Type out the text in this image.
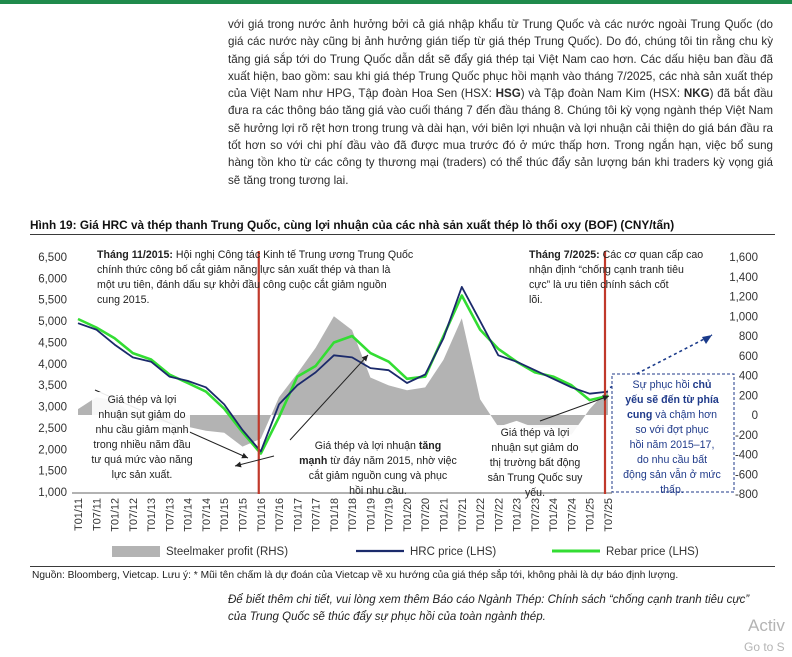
với giá trong nước ảnh hưởng bởi cả giá nhập khẩu từ Trung Quốc và các nước ngoài Trung Quốc (do giá các nước này cũng bị ảnh hưởng gián tiếp từ giá thép Trung Quốc). Do đó, chúng tôi tin rằng chu kỳ tăng giá sắp tới do Trung Quốc dẫn dắt sẽ đẩy giá thép tại Việt Nam cao hơn. Các dấu hiệu ban đầu đã xuất hiện, bao gồm: sau khi giá thép Trung Quốc phục hồi mạnh vào tháng 7/2025, các nhà sản xuất thép của Việt Nam như HPG, Tập đoàn Hoa Sen (HSX: HSG) và Tập đoàn Nam Kim (HSX: NKG) đã bắt đầu đưa ra các thông báo tăng giá vào cuối tháng 7 đến đầu tháng 8. Chúng tôi kỳ vọng ngành thép Việt Nam sẽ hưởng lợi rõ rệt hơn trong trung và dài hạn, với biên lợi nhuận và lợi nhuận cải thiện do giá bán đầu ra tốt hơn so với chi phí đầu vào đã được mua trước đó ở mức thấp hơn. Trong ngắn hạn, việc bổ sung hàng tồn kho từ các công ty thương mại (traders) có thể thúc đẩy sản lượng bán khi traders kỳ vọng giá sẽ tăng trong tương lai.
Hình 19: Giá HRC và thép thanh Trung Quốc, cùng lợi nhuận của các nhà sản xuất thép lò thổi oxy (BOF) (CNY/tấn)
6,500
6,000
5,500
5,000
4,500
4,000
3,500
3,000
2,500
2,000
1,500
1,000
1,600
1,400
1,200
1,000
800
600
400
200
0
-200
-400
-600
-800
T01/11 T07/11 T01/12 T07/12 T01/13 T07/13 T01/14 T07/14 T01/15 T07/15 T01/16 T07/16 T01/17 T07/17 T01/18 T07/18 T01/19 T07/19 T01/20 T07/20 T01/21 T07/21 T01/22 T07/22 T01/23 T07/23 T01/24 T07/24 T01/25 T07/25
Tháng 11/2015: Hội nghị Công tác Kinh tế Trung ương Trung Quốc chính thức công bố cắt giảm năng lực sản xuất thép và than là một ưu tiên, đánh dấu sự khởi đầu công cuộc cắt giảm nguồn cung 2015.
Tháng 7/2025: Các cơ quan cấp cao nhận định “chống cạnh tranh tiêu cực” là ưu tiên chính sách cốt lõi.
Giá thép và lợi nhuận sụt giảm do nhu cầu giảm mạnh trong nhiều năm đầu tư quá mức vào năng lực sản xuất.
Giá thép và lợi nhuận tăng mạnh từ đáy năm 2015, nhờ việc cắt giảm nguồn cung và phục hồi nhu cầu.
Giá thép và lợi nhuận sụt giảm do thị trường bất động sản Trung Quốc suy yếu.
Sự phục hồi chủ yếu sẽ đến từ phía cung và chậm hơn so với đợt phục hồi năm 2015–17, do nhu cầu bất động sản vẫn ở mức thấp.
Steelmaker profit (RHS)	HRC price (LHS)	Rebar price (LHS)
Nguồn: Bloomberg, Vietcap. Lưu ý: * Mũi tên chấm là dự đoán của Vietcap về xu hướng của giá thép sắp tới, không phải là dự báo định lượng.
Để biết thêm chi tiết, vui lòng xem thêm Báo cáo Ngành Thép: Chính sách “chống cạnh tranh tiêu cực” của Trung Quốc sẽ thúc đẩy sự phục hồi của toàn ngành thép.	Activ
Go to S
